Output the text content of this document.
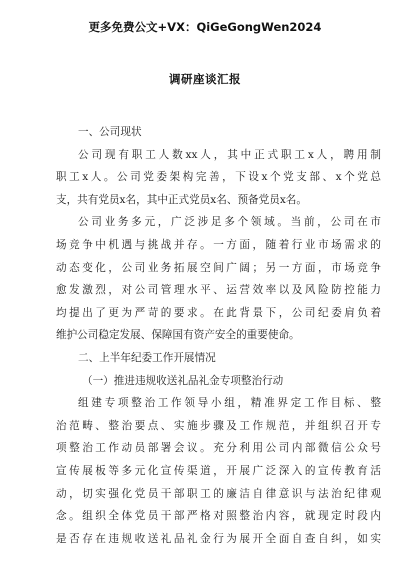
更多免费公文+VX：QiGeGongWen2024
调研座谈汇报
一、公司现状
公司现有职工人数xx人，其中正式职工x人，聘用制
职工x人。公司党委架构完善，下设x个党支部、x个党总
支，共有党员x名，其中正式党员x名、预备党员x名。
公司业务多元，广泛涉足多个领域。当前，公司在市
场竞争中机遇与挑战并存。一方面，随着行业市场需求的
动态变化，公司业务拓展空间广阔；另一方面，市场竞争
愈发激烈，对公司管理水平、运营效率以及风险防控能力
均提出了更为严苛的要求。在此背景下，公司纪委肩负着
维护公司稳定发展、保障国有资产安全的重要使命。
二、上半年纪委工作开展情况
（一）推进违规收送礼品礼金专项整治行动
组建专项整治工作领导小组，精准界定工作目标、整
治范畴、整治要点、实施步骤及工作规范，并组织召开专
项整治工作动员部署会议。充分利用公司内部微信公众号
宣传展板等多元化宣传渠道，开展广泛深入的宣传教育活
动，切实强化党员干部职工的廉洁自律意识与法治纪律观
念。组织全体党员干部严格对照整治内容，就现定时段内
是否存在违规收送礼品礼金行为展开全面自查自纠，如实
